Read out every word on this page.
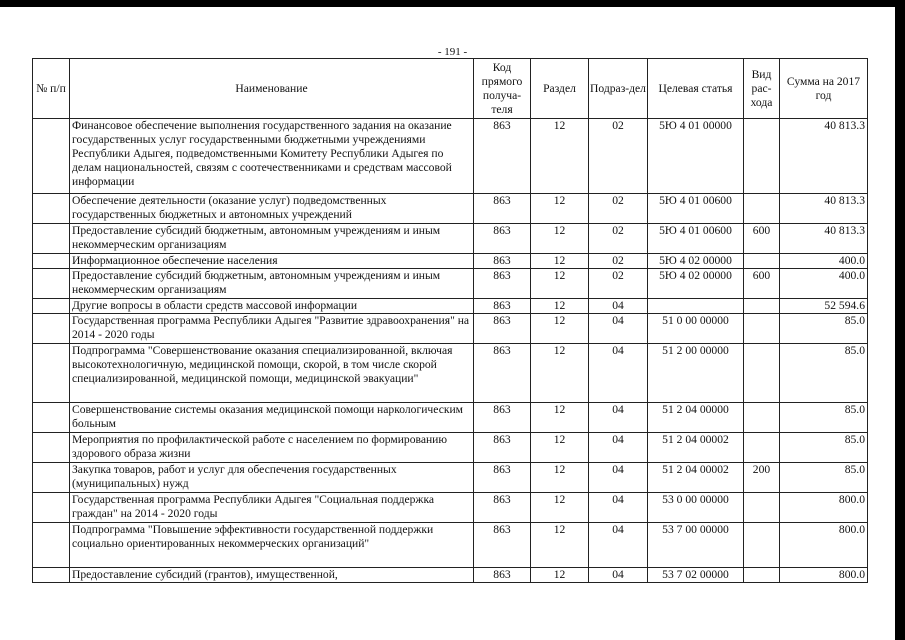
- 191 -
№ п/п	Наименование	Код прямого получа-теля	Раздел	Подраз-дел	Целевая статья	Вид рас-хода	Сумма на 2017 год
	Финансовое обеспечение выполнения государственного задания на оказание государственных услуг государственными бюджетными учреждениями Республики Адыгея, подведомственными Комитету Республики Адыгея по делам национальностей, связям с соотечественниками и средствам массовой информации	863	12	02	5Ю 4 01 00000		40 813.3
	Обеспечение деятельности (оказание услуг) подведомственных государственных бюджетных и автономных учреждений	863	12	02	5Ю 4 01 00600		40 813.3
	Предоставление субсидий бюджетным, автономным учреждениям и иным некоммерческим организациям	863	12	02	5Ю 4 01 00600	600	40 813.3
	Информационное обеспечение населения	863	12	02	5Ю 4 02 00000		400.0
	Предоставление субсидий бюджетным, автономным учреждениям и иным некоммерческим организациям	863	12	02	5Ю 4 02 00000	600	400.0
	Другие вопросы в области средств массовой информации	863	12	04			52 594.6
	Государственная программа Республики Адыгея "Развитие здравоохранения" на 2014 - 2020 годы	863	12	04	51 0 00 00000		85.0
	Подпрограмма "Совершенствование оказания специализированной, включая высокотехнологичную, медицинской помощи, скорой, в том числе скорой специализированной, медицинской помощи, медицинской эвакуации"	863	12	04	51 2 00 00000		85.0
	Совершенствование системы оказания медицинской помощи наркологическим больным	863	12	04	51 2 04 00000		85.0
	Мероприятия по профилактической работе с населением по формированию здорового образа жизни	863	12	04	51 2 04 00002		85.0
	Закупка товаров, работ и услуг для обеспечения государственных (муниципальных) нужд	863	12	04	51 2 04 00002	200	85.0
	Государственная программа Республики Адыгея "Социальная поддержка граждан" на 2014 - 2020 годы	863	12	04	53 0 00 00000		800.0
	Подпрограмма "Повышение эффективности государственной поддержки социально ориентированных некоммерческих организаций"	863	12	04	53 7 00 00000		800.0
	Предоставление субсидий (грантов), имущественной,	863	12	04	53 7 02 00000		800.0
